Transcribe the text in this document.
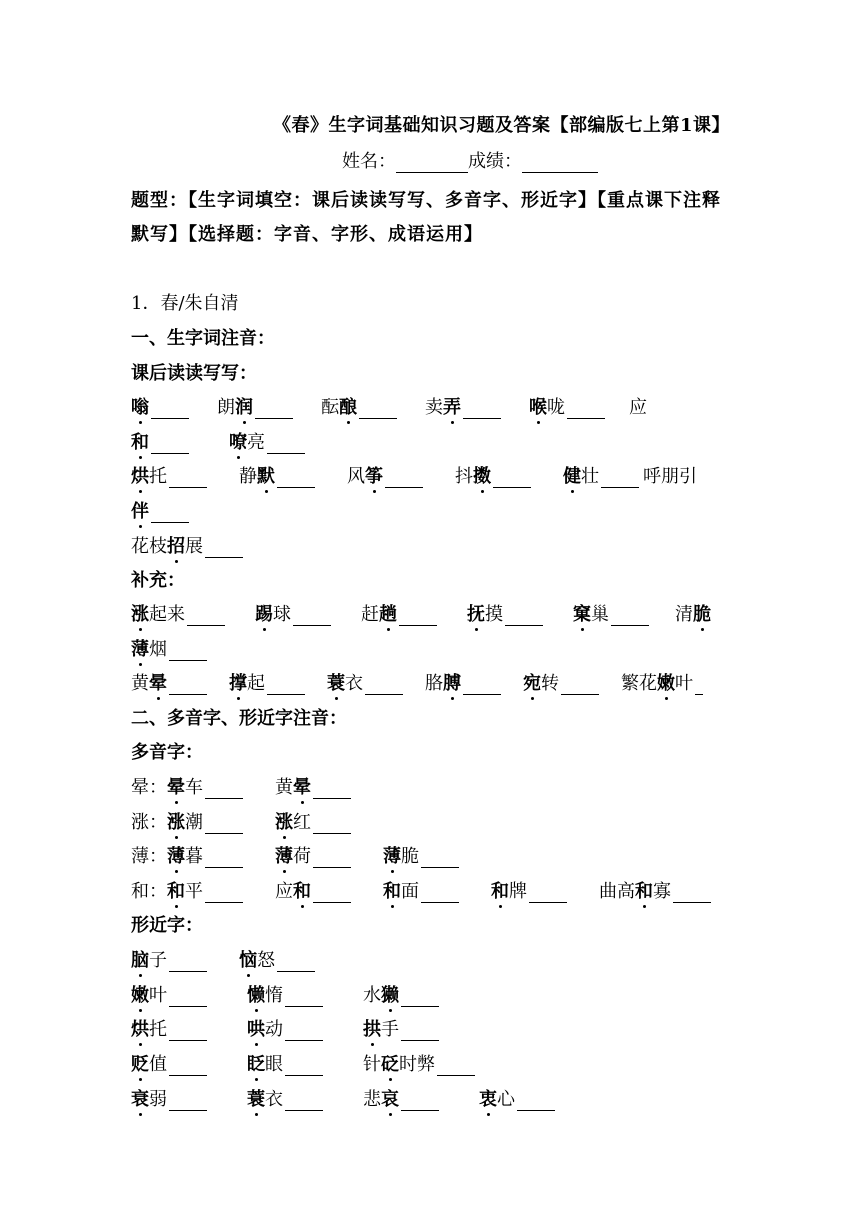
《春》生字词基础知识习题及答案【部编版七上第1课】
姓名：	成绩：
题型：【生字词填空：课后读读写写、多音字、形近字】【重点课下注释默写】【选择题：字音、字形、成语运用】
1．春/朱自清
一、生字词注音：
课后读读写写：
嗡	朗润	酝酿	卖弄	喉咙	应
和	嘹亮
烘托	静默	风筝	抖擞	健壮 呼朋引
伴
花枝招展
补充：
涨起来	踢球	赶趟	抚摸	窠巢	清脆
薄烟
黄晕	撑起	蓑衣	胳膊	宛转	繁花嫩叶
二、多音字、形近字注音：
多音字：
晕：晕车	黄晕
涨：涨潮	涨红
薄：薄暮	薄荷	薄脆
和：和平	应和	和面	和牌	曲高和寡
形近字：
脑子	恼怒
嫩叶	懒惰	水獭
烘托	哄动	拱手
贬值	眨眼	针砭时弊
衰弱	蓑衣	悲哀	衷心
